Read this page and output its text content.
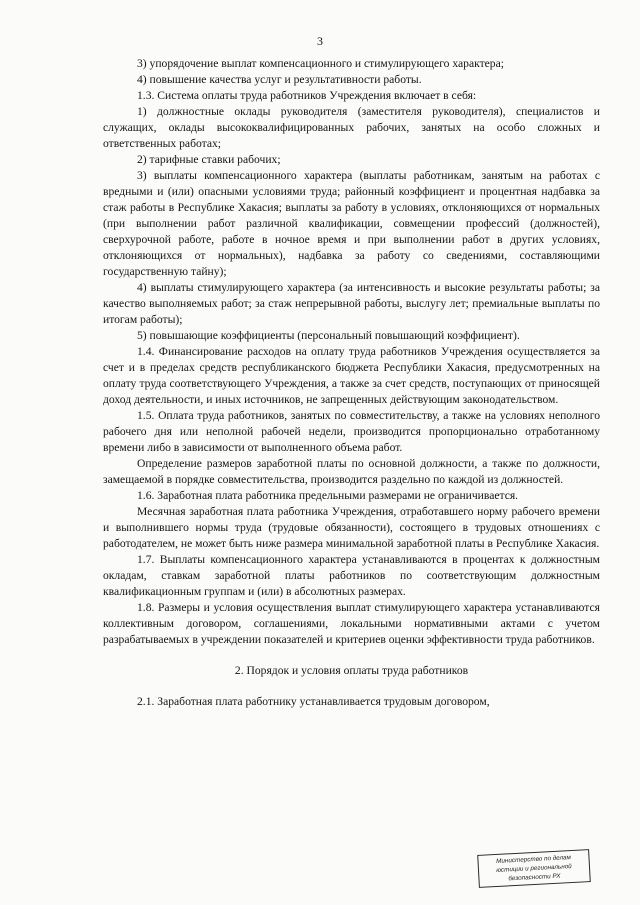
3

3) упорядочение выплат компенсационного и стимулирующего характера;

4) повышение качества услуг и результативности работы.

1.3. Система оплаты труда работников Учреждения включает в себя:

1) должностные оклады руководителя (заместителя руководителя), специалистов и служащих, оклады высококвалифицированных рабочих, занятых на особо сложных и ответственных работах;

2) тарифные ставки рабочих;

3) выплаты компенсационного характера (выплаты работникам, занятым на работах с вредными и (или) опасными условиями труда; районный коэффициент и процентная надбавка за стаж работы в Республике Хакасия; выплаты за работу в условиях, отклоняющихся от нормальных (при выполнении работ различной квалификации, совмещении профессий (должностей), сверхурочной работе, работе в ночное время и при выполнении работ в других условиях, отклоняющихся от нормальных), надбавка за работу со сведениями, составляющими государственную тайну);

4) выплаты стимулирующего характера (за интенсивность и высокие результаты работы; за качество выполняемых работ; за стаж непрерывной работы, выслугу лет; премиальные выплаты по итогам работы);

5) повышающие коэффициенты (персональный повышающий коэффициент).

1.4. Финансирование расходов на оплату труда работников Учреждения осуществляется за счет и в пределах средств республиканского бюджета Республики Хакасия, предусмотренных на оплату труда соответствующего Учреждения, а также за счет средств, поступающих от приносящей доход деятельности, и иных источников, не запрещенных действующим законодательством.

1.5. Оплата труда работников, занятых по совместительству, а также на условиях неполного рабочего дня или неполной рабочей недели, производится пропорционально отработанному времени либо в зависимости от выполненного объема работ.

Определение размеров заработной платы по основной должности, а также по должности, замещаемой в порядке совместительства, производится раздельно по каждой из должностей.

1.6. Заработная плата работника предельными размерами не ограничивается.

Месячная заработная плата работника Учреждения, отработавшего норму рабочего времени и выполнившего нормы труда (трудовые обязанности), состоящего в трудовых отношениях с работодателем, не может быть ниже размера минимальной заработной платы в Республике Хакасия.

1.7. Выплаты компенсационного характера устанавливаются в процентах к должностным окладам, ставкам заработной платы работников по соответствующим должностным квалификационным группам и (или) в абсолютных размерах.

1.8. Размеры и условия осуществления выплат стимулирующего характера устанавливаются коллективным договором, соглашениями, локальными нормативными актами с учетом разрабатываемых в учреждении показателей и критериев оценки эффективности труда работников.

2. Порядок и условия оплаты труда работников

2.1. Заработная плата работнику устанавливается трудовым договором,

Министерство по делам
юстиции и региональной
безопасности РХ
